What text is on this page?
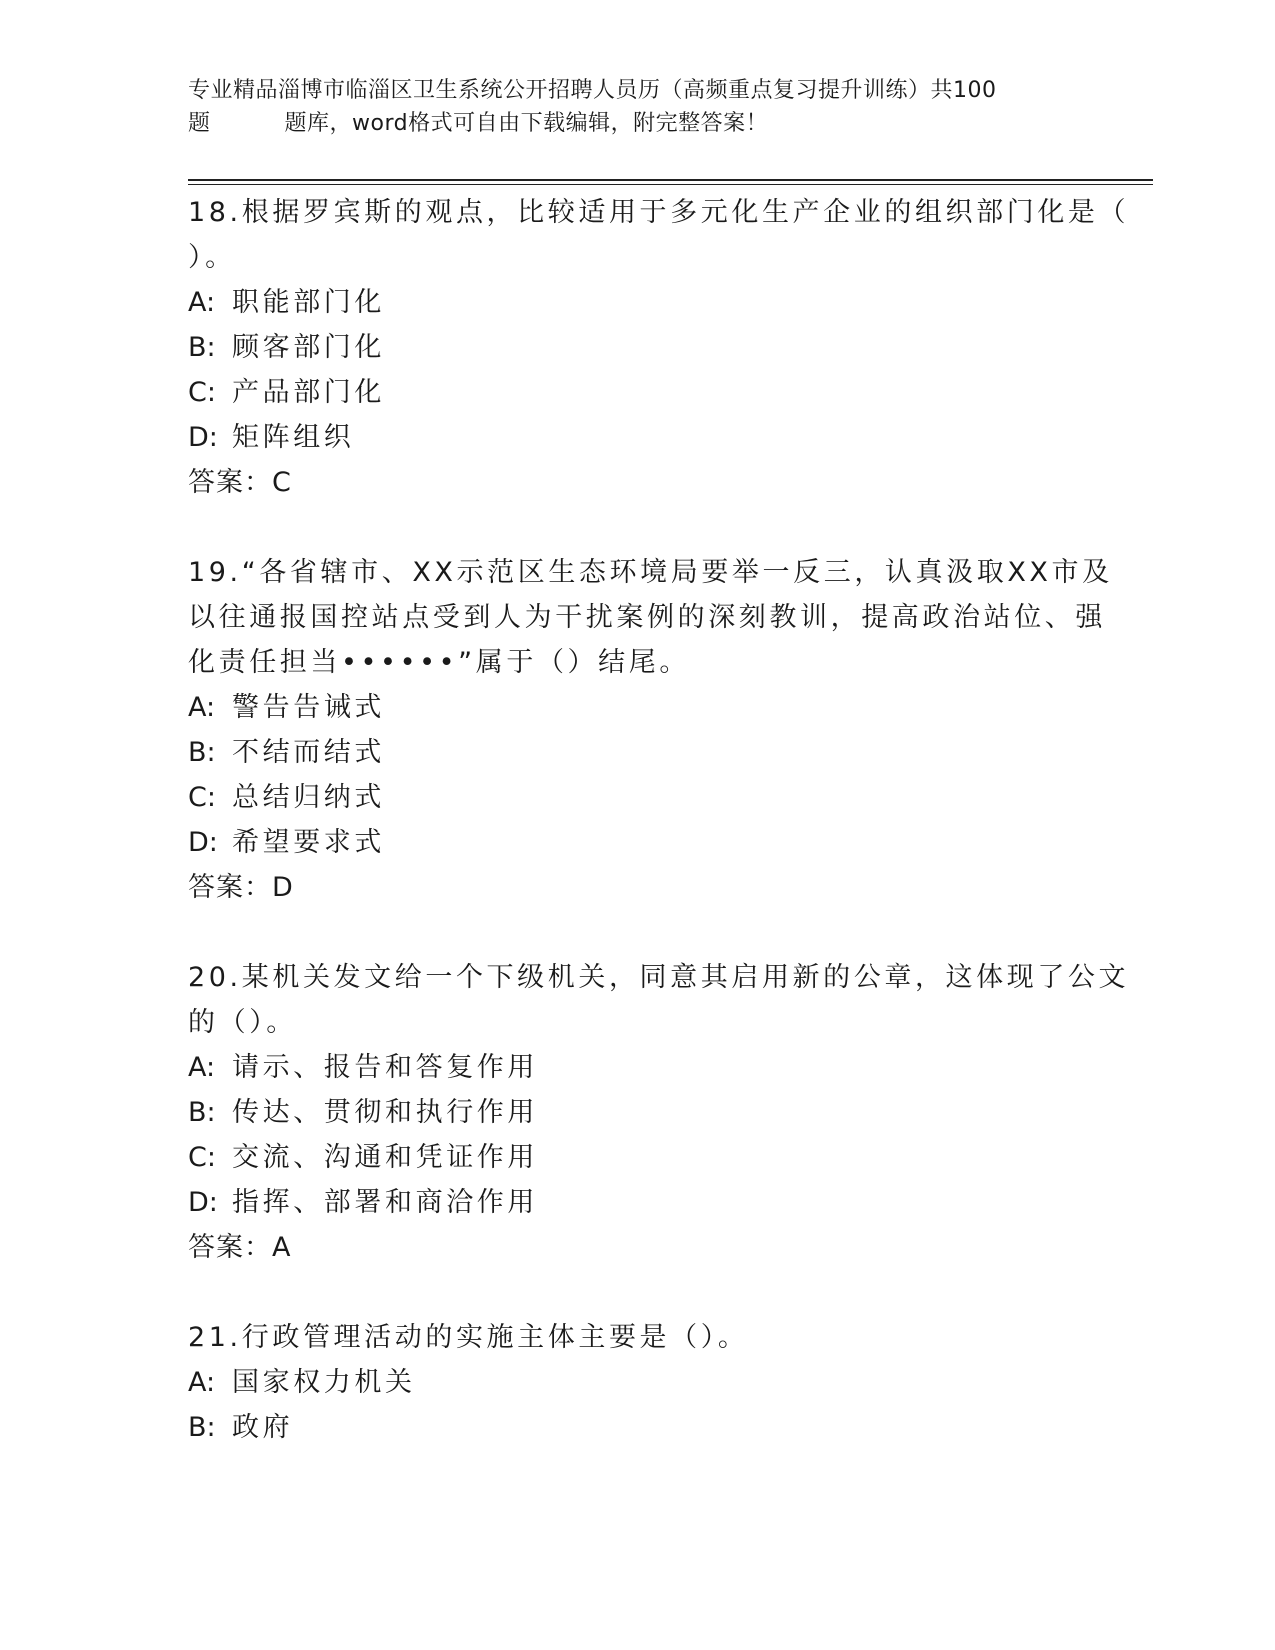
专业精品淄博市临淄区卫生系统公开招聘人员历（高频重点复习提升训练）共100
题	题库，word格式可自由下载编辑，附完整答案！

18.根据罗宾斯的观点，比较适用于多元化生产企业的组织部门化是（
）。

A: 职能部门化

B: 顾客部门化

C: 产品部门化

D: 矩阵组织

答案：C

19.“各省辖市、XX示范区生态环境局要举一反三，认真汲取XX市及
以往通报国控站点受到人为干扰案例的深刻教训，提高政治站位、强
化责任担当••••••”属于（）结尾。

A: 警告告诫式

B: 不结而结式

C: 总结归纳式

D: 希望要求式

答案：D

20.某机关发文给一个下级机关，同意其启用新的公章，这体现了公文
的（）。

A: 请示、报告和答复作用

B: 传达、贯彻和执行作用

C: 交流、沟通和凭证作用

D: 指挥、部署和商洽作用

答案：A

21.行政管理活动的实施主体主要是（）。

A: 国家权力机关

B: 政府
